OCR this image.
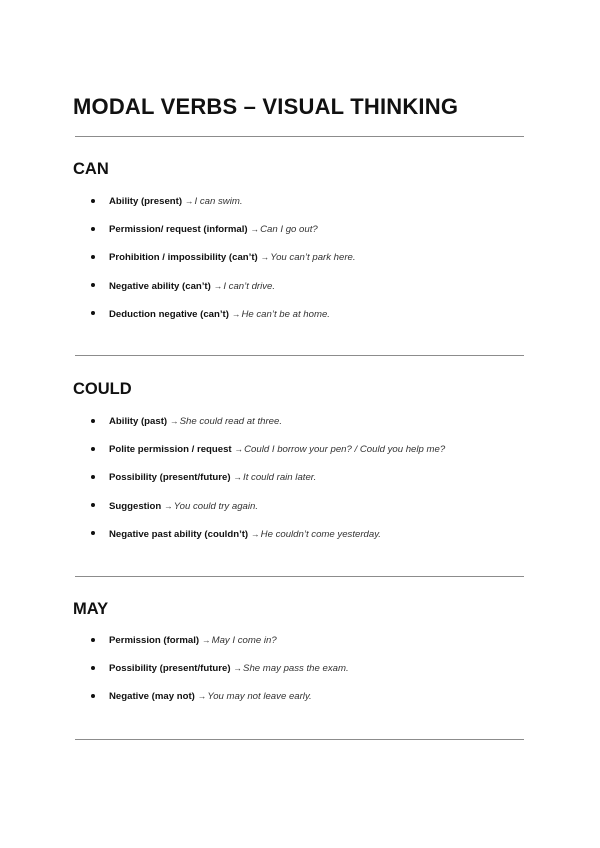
MODAL VERBS – VISUAL THINKING
CAN
Ability (present) →I can swim.
Permission/ request (informal) →Can I go out?
Prohibition / impossibility (can’t) →You can’t park here.
Negative ability (can’t) →I can’t drive.
Deduction negative (can’t) →He can’t be at home.
COULD
Ability (past) →She could read at three.
Polite permission / request →Could I borrow your pen? / Could you help me?
Possibility (present/future) →It could rain later.
Suggestion →You could try again.
Negative past ability (couldn’t) →He couldn’t come yesterday.
MAY
Permission (formal) →May I come in?
Possibility (present/future) →She may pass the exam.
Negative (may not) →You may not leave early.
